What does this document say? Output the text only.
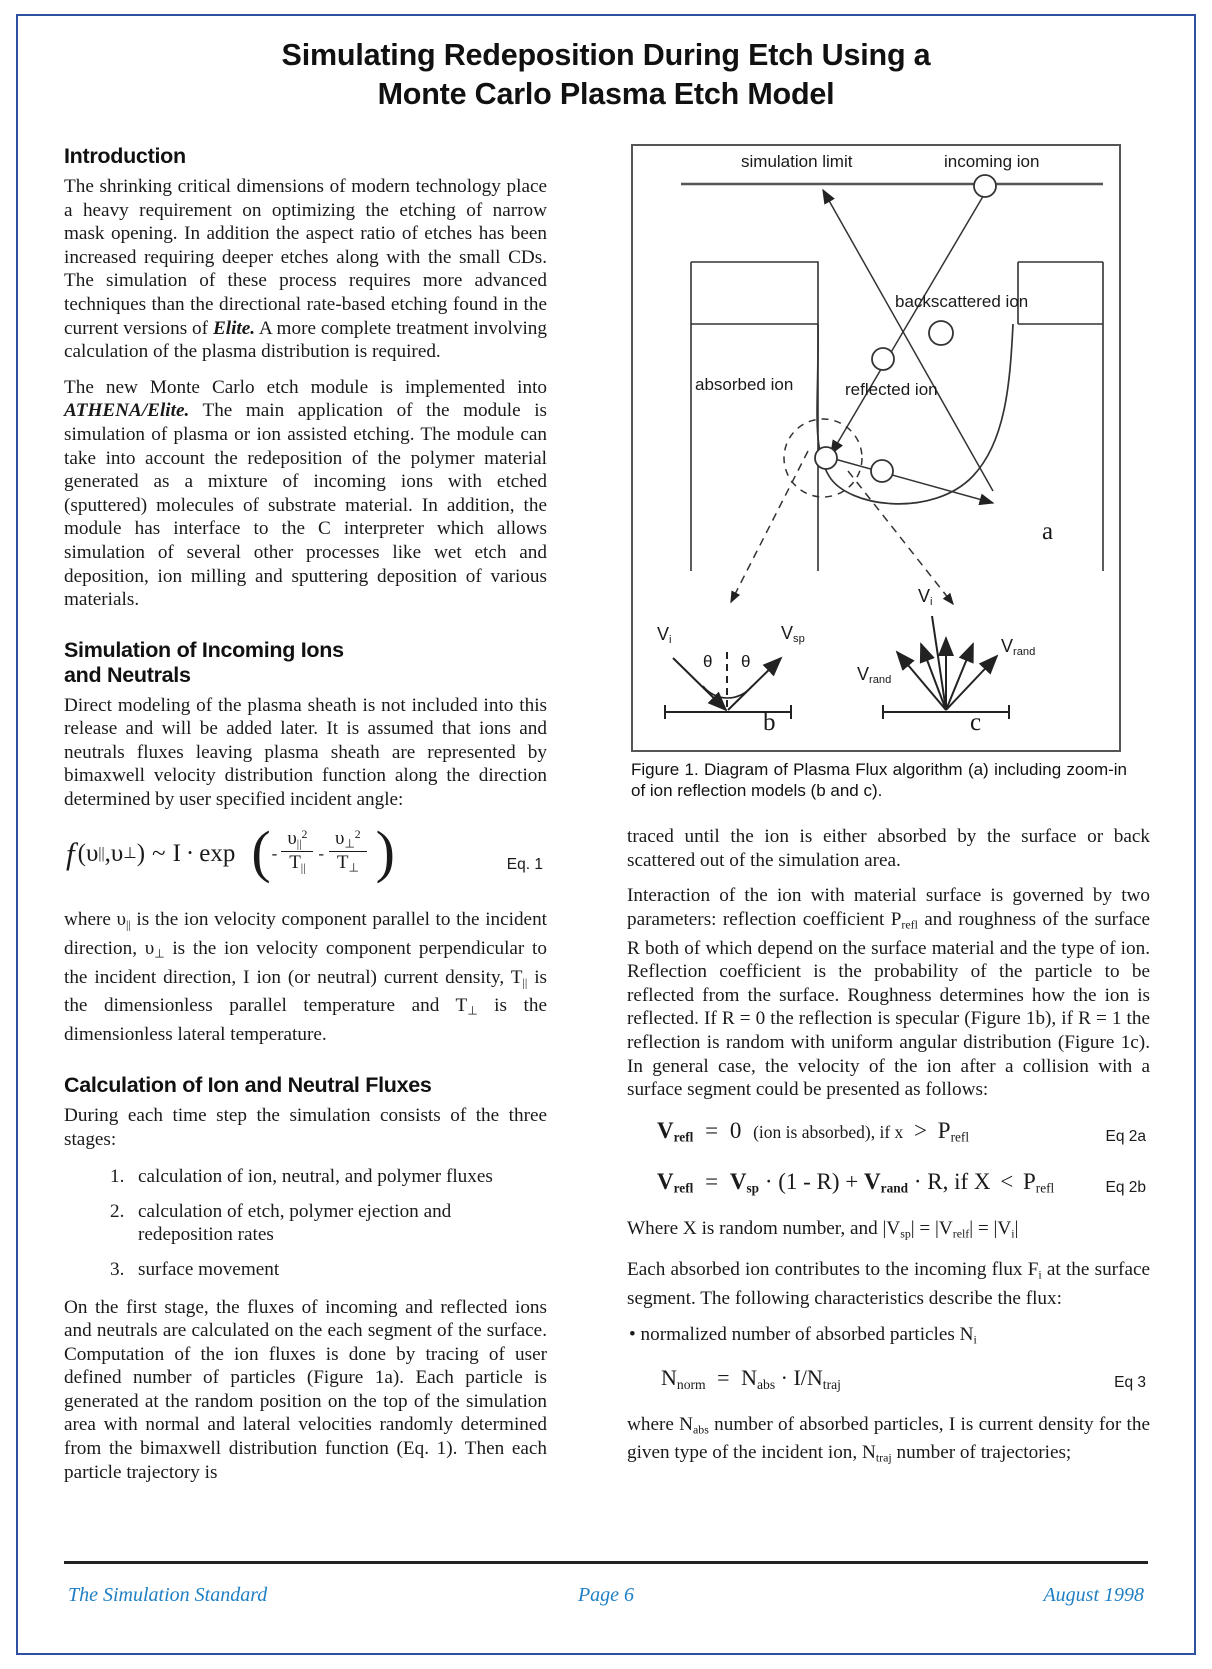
Simulating Redeposition During Etch Using a
Monte Carlo Plasma Etch Model
Introduction

The shrinking critical dimensions of modern technology place a heavy requirement on optimizing the etching of narrow mask opening. In addition the aspect ratio of etches has been increased requiring deeper etches along with the small CDs. The simulation of these process requires more advanced techniques than the directional rate-based etching found in the current versions of Elite. A more complete treatment involving calculation of the plasma distribution is required.

The new Monte Carlo etch module is implemented into ATHENA/Elite. The main application of the module is simulation of plasma or ion assisted etching. The module can take into account the redeposition of the polymer material generated as a mixture of incoming ions with etched (sputtered) molecules of substrate material. In addition, the module has interface to the C interpreter which allows simulation of several other processes like wet etch and deposition, ion milling and sputtering deposition of various materials.

Simulation of Incoming Ions
and Neutrals

Direct modeling of the plasma sheath is not included into this release and will be added later. It is assumed that ions and neutrals fluxes leaving plasma sheath are represented by bimaxwell velocity distribution function along the direction determined by user specified incident angle:

f ( υ || , υ ⊥ ) ~ I · exp ( - $\frac{\upsilon_{||}^2}{T_{||}} - \frac{\upsilon_\perp^2}{T_\perp}$ )	Eq. 1

where $\upsilon_{||}$ is the ion velocity component parallel to the incident direction, $\upsilon_\perp$ is the ion velocity component perpendicular to the incident direction, I ion (or neutral) current density, $T_{||}$ is the dimensionless parallel temperature and $T_\perp$ is the dimensionless lateral temperature.

Calculation of Ion and Neutral Fluxes

During each time step the simulation consists of the three stages:

calculation of ion, neutral, and polymer fluxes
calculation of etch, polymer ejection and redeposition rates
surface movement

On the first stage, the fluxes of incoming and reflected ions and neutrals are calculated on the each segment of the surface. Computation of the ion fluxes is done by tracing of user defined number of particles (Figure 1a). Each particle is generated at the random position on the top of the simulation area with normal and lateral velocities randomly determined from the bimaxwell distribution function (Eq. 1). Then each particle trajectory is

simulation limit	incoming ion
backscattered ion
absorbed ion	reflected ion
a
b	c
$V_i$	$V_{sp}$
θ θ
$V_i$
$V_{rand}$
$V_{rand}$
Figure 1. Diagram of Plasma Flux algorithm (a) including zoom-in of ion reflection models (b and c).

traced until the ion is either absorbed by the surface or back scattered out of the simulation area.

Interaction of the ion with material surface is governed by two parameters: reflection coefficient $P_{refl}$ and roughness of the surface R both of which depend on the surface material and the type of ion. Reflection coefficient is the probability of the particle to be reflected from the surface. Roughness determines how the ion is reflected. If R = 0 the reflection is specular (Figure 1b), if R = 1 the reflection is random with uniform angular distribution (Figure 1c). In general case, the velocity of the ion after a collision with a surface segment could be presented as follows:

$V_{refl} = 0$ (ion is absorbed), if $x > P_{refl}$	Eq 2a
$V_{refl} = V_{sp} \cdot (1 - R) + V_{rand} \cdot R$, if $X < P_{refl}$	Eq 2b

Where X is random number, and $|V_{sp}| = |V_{relf}| = |V_i|$

Each absorbed ion contributes to the incoming flux $F_i$ at the surface segment. The following characteristics describe the flux:

• normalized number of absorbed particles $N_i$

$N_{norm} = N_{abs} \cdot I/N_{traj}$	Eq 3

where $N_{abs}$ number of absorbed particles, I is current density for the given type of the incident ion, $N_{traj}$ number of trajectories;

The Simulation Standard	Page 6	August 1998
